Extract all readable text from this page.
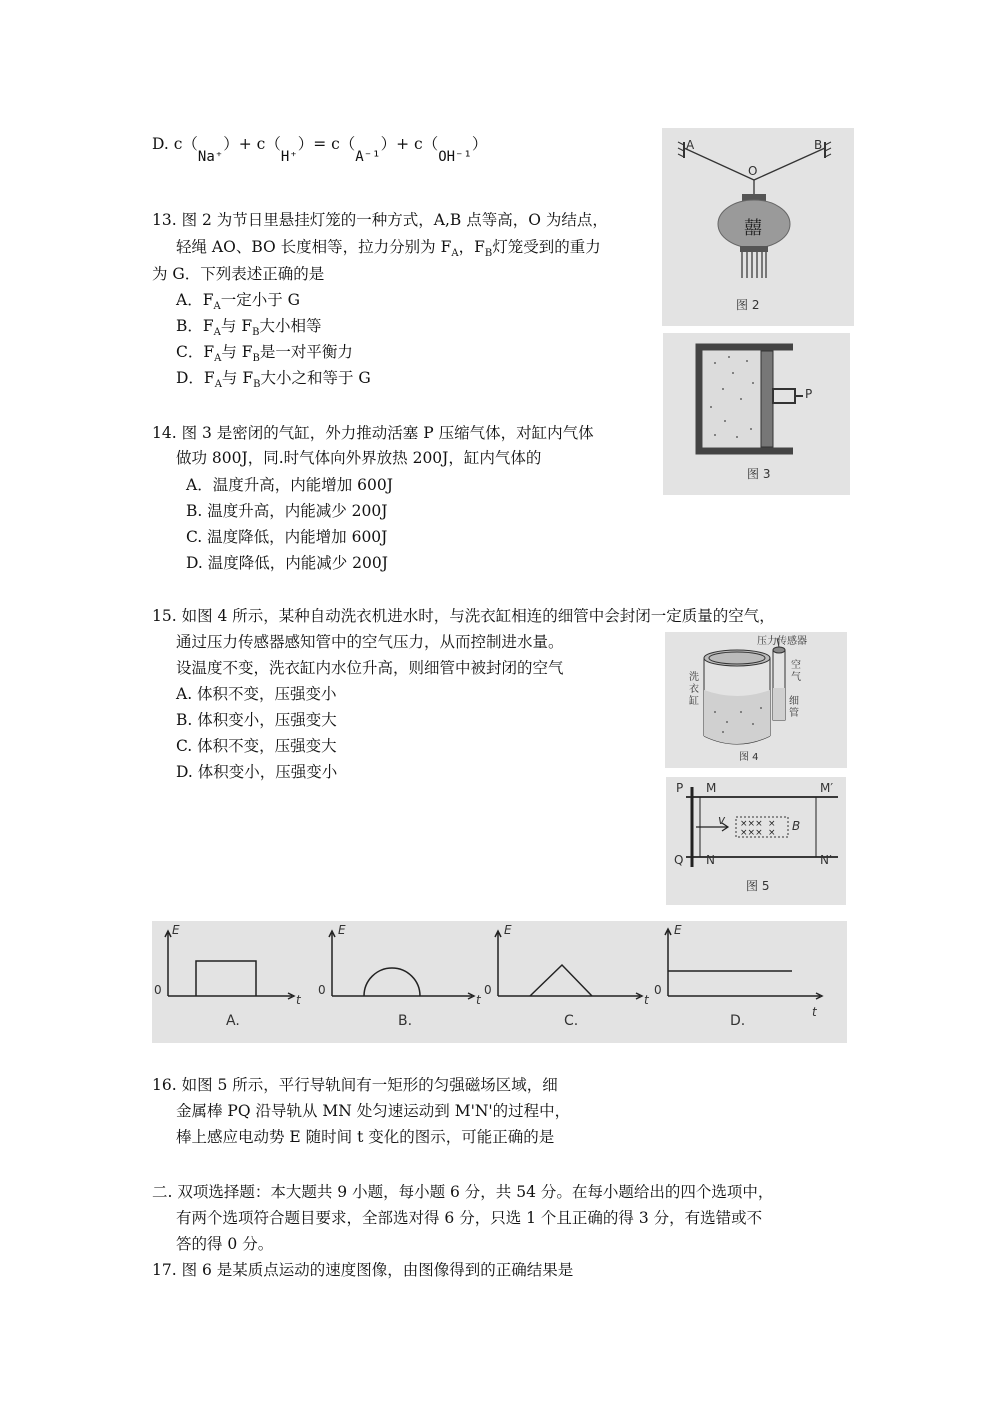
D. c（Na⁺）+ c（H⁺）= c（A⁻¹）+ c（OH⁻¹）
13. 图 2 为节日里悬挂灯笼的一种方式，A,B 点等高，O 为结点，
轻绳 AO、BO 长度相等，拉力分别为 $F_A$，$F_B$灯笼受到的重力
为 G．下列表述正确的是
A．$F_A$一定小于 G
B．$F_A$与 $F_B$大小相等
C．$F_A$与 $F_B$是一对平衡力
D．$F_A$与 $F_B$大小之和等于 G
14. 图 3 是密闭的气缸，外力推动活塞 P 压缩气体，对缸内气体
做功 800J，同.时气体向外界放热 200J，缸内气体的
A．温度升高，内能增加 600J
B. 温度升高，内能减少 200J
C. 温度降低，内能增加 600J
D. 温度降低，内能减少 200J
15. 如图 4 所示，某种自动洗衣机进水时，与洗衣缸相连的细管中会封闭一定质量的空气，
通过压力传感器感知管中的空气压力，从而控制进水量。
设温度不变，洗衣缸内水位升高，则细管中被封闭的空气
A. 体积不变，压强变小
B. 体积变小，压强变大
C. 体积不变，压强变大
D. 体积变小，压强变小
16. 如图 5 所示，平行导轨间有一矩形的匀强磁场区域，细
金属棒 PQ 沿导轨从 MN 处匀速运动到 M'N'的过程中，
棒上感应电动势 E 随时间 t 变化的图示，可能正确的是
二. 双项选择题：本大题共 9 小题，每小题 6 分，共 54 分。在每小题给出的四个选项中，
有两个选项符合题目要求，全部选对得 6 分，只选 1 个且正确的得 3 分，有选错或不
答的得 0 分。
17. 图 6 是某质点运动的速度图像，由图像得到的正确结果是
A	B
O
囍
图 2
P
图 3
压力传感器
洗
衣
缸
空
气
细
管
图 4
××× ×
××× ×
P
Q
M
N
M′
N′
v	B
图 5
E
0
t
A.
E
0
t
B.
E
0
t
C.
E
0
t
D.
